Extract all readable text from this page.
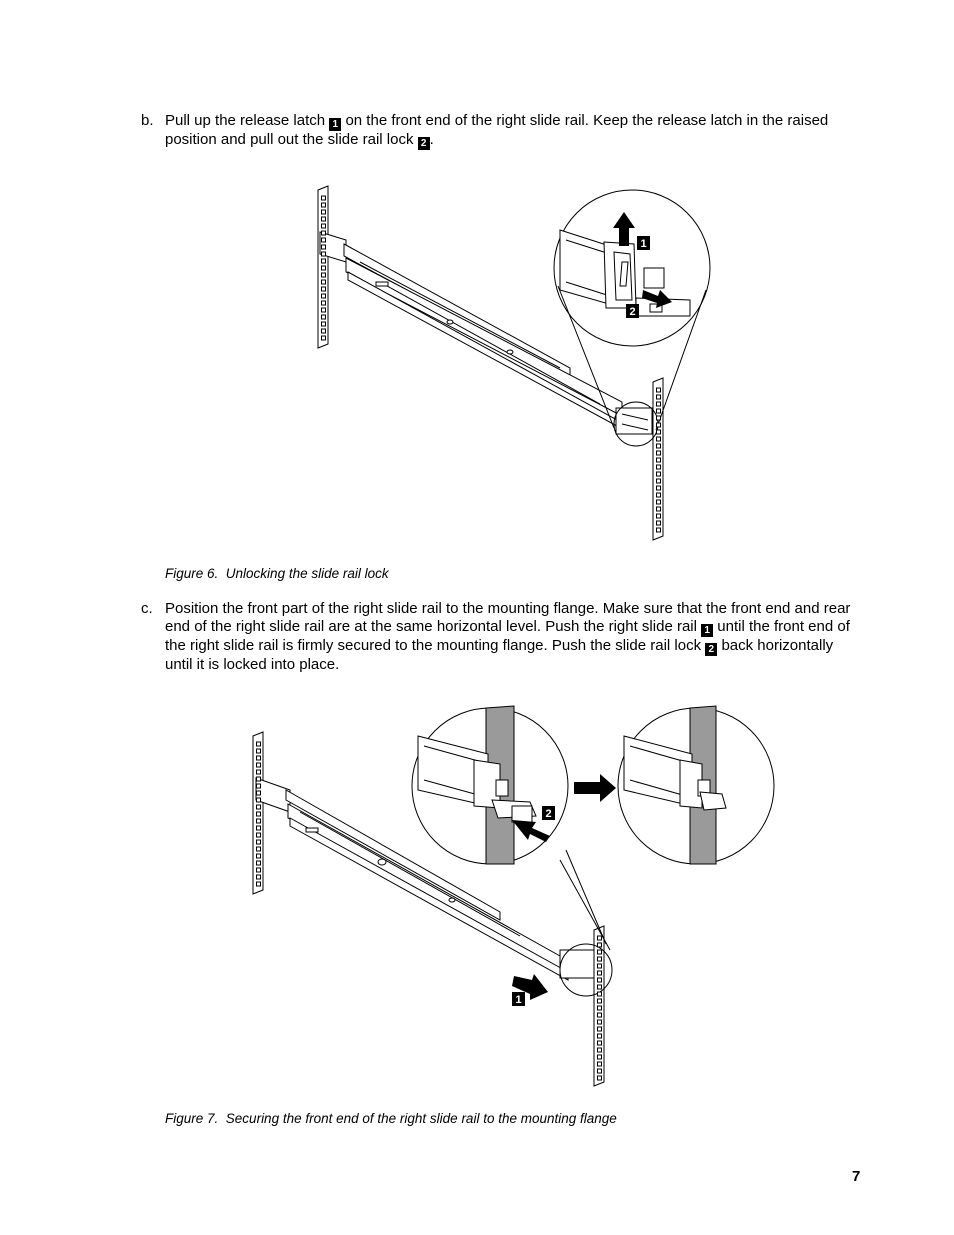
b. Pull up the release latch 1 on the front end of the right slide rail. Keep the release latch in the raised position and pull out the slide rail lock 2 .
1
2
2
1
Figure 6. Unlocking the slide rail lock
c. Position the front part of the right slide rail to the mounting flange. Make sure that the front end and rear end of the right slide rail are at the same horizontal level. Push the right slide rail 1 until the front end of the right slide rail is firmly secured to the mounting flange. Push the slide rail lock 2 back horizontally until it is locked into place.
Figure 7. Securing the front end of the right slide rail to the mounting flange
7
